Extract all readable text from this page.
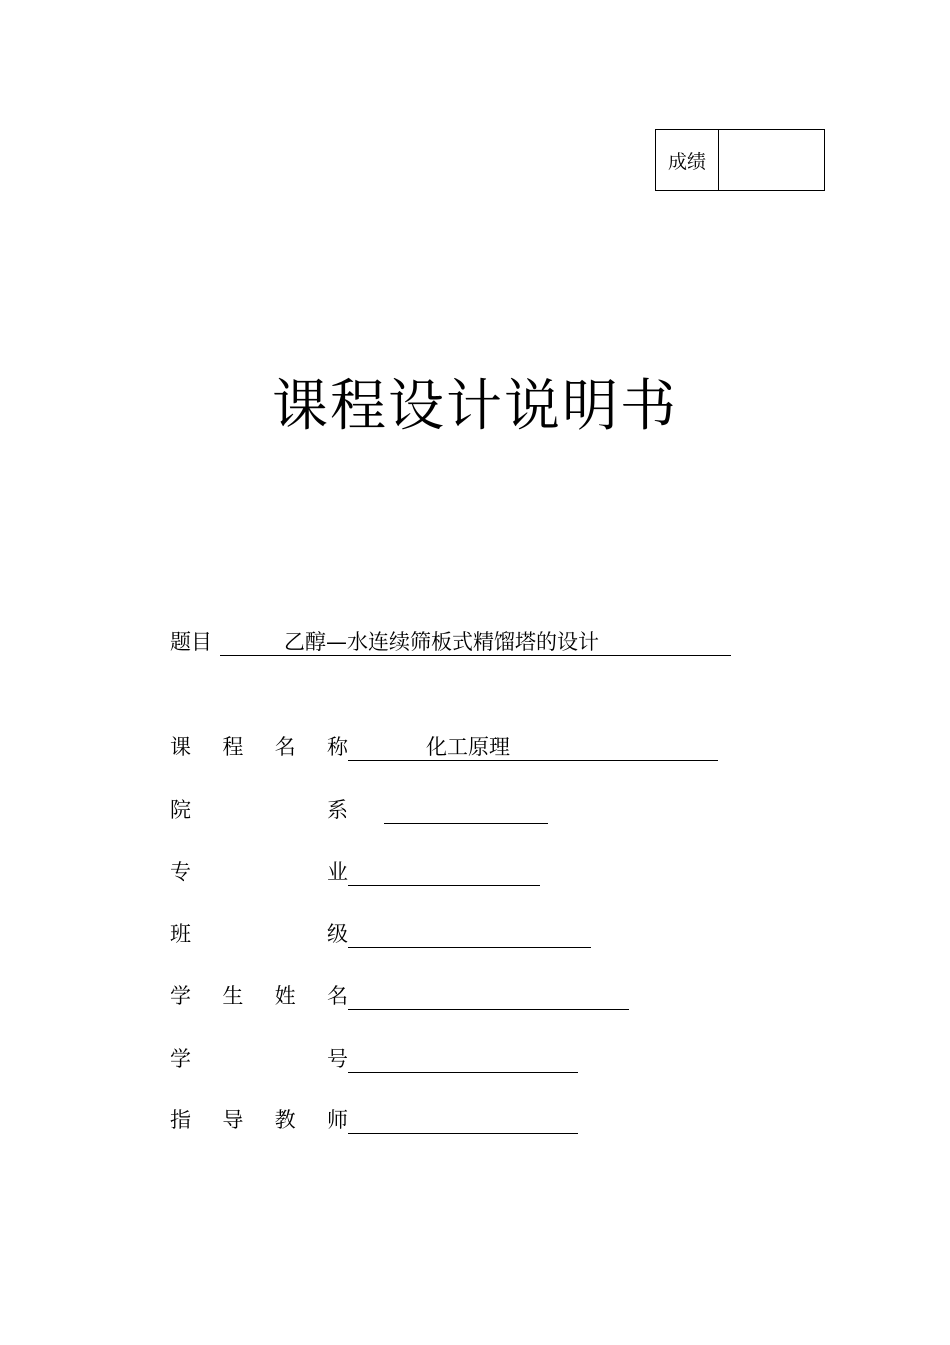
成绩
课程设计说明书
题目	乙醇—水连续筛板式精馏塔的设计
课 程 名 称	化工原理
院	系
专	业
班	级
学 生 姓 名
学	号
指 导 教 师
